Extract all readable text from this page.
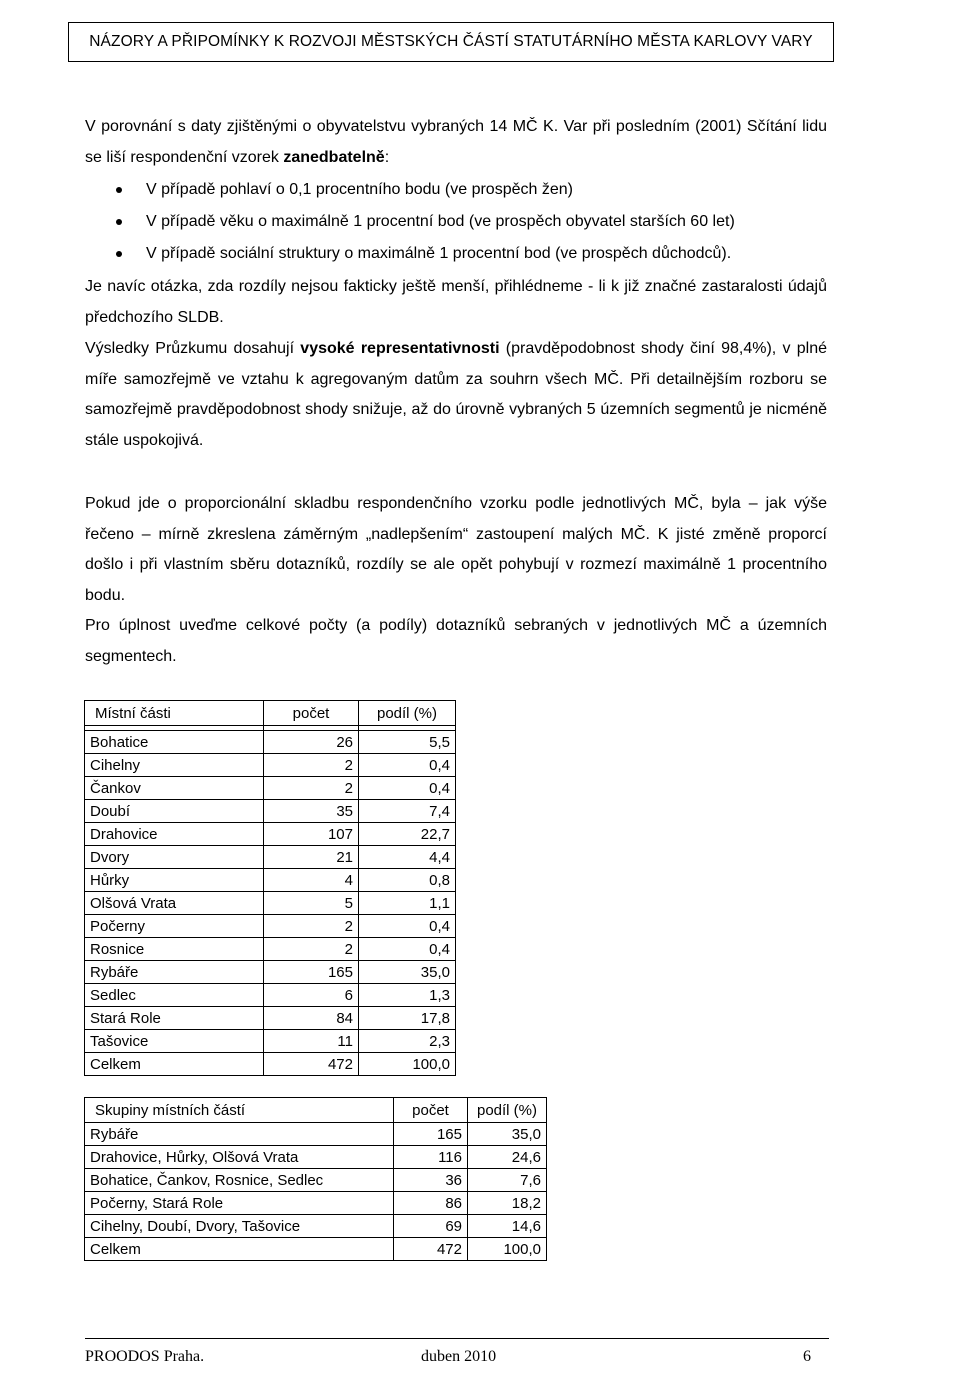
NÁZORY A PŘIPOMÍNKY K ROZVOJI MĚSTSKÝCH ČÁSTÍ STATUTÁRNÍHO MĚSTA KARLOVY VARY

V porovnání s daty zjištěnými o obyvatelstvu vybraných 14 MČ K. Var při posledním (2001) Sčítání lidu se liší respondenční vzorek zanedbatelně:

V případě pohlaví o 0,1 procentního bodu (ve prospěch žen)
V případě věku o maximálně 1 procentní bod (ve prospěch obyvatel starších 60 let)
V případě sociální struktury o maximálně 1 procentní bod (ve prospěch důchodců).

Je navíc otázka, zda rozdíly nejsou fakticky ještě menší, přihlédneme - li k již značné zastaralosti údajů předchozího SLDB.

Výsledky Průzkumu dosahují vysoké representativnosti (pravděpodobnost shody činí 98,4%), v plné míře samozřejmě ve vztahu k agregovaným datům za souhrn všech MČ. Při detailnějším rozboru se samozřejmě pravděpodobnost shody snižuje, až do úrovně vybraných 5 územních segmentů je nicméně stále uspokojivá.

Pokud jde o proporcionální skladbu respondenčního vzorku podle jednotlivých MČ, byla – jak výše řečeno – mírně zkreslena záměrným „nadlepšením“ zastoupení malých MČ. K jisté změně proporcí došlo i při vlastním sběru dotazníků, rozdíly se ale opět pohybují v rozmezí maximálně 1 procentního bodu.

Pro úplnost uveďme celkové počty (a podíly) dotazníků sebraných v jednotlivých MČ a územních segmentech.

Místní části	počet	podíl (%)

Bohatice	26	5,5
Cihelny	2	0,4
Čankov	2	0,4
Doubí	35	7,4
Drahovice	107	22,7
Dvory	21	4,4
Hůrky	4	0,8
Olšová Vrata	5	1,1
Počerny	2	0,4
Rosnice	2	0,4
Rybáře	165	35,0
Sedlec	6	1,3
Stará Role	84	17,8
Tašovice	11	2,3
Celkem	472	100,0
Skupiny místních částí	počet	podíl (%)
Rybáře	165	35,0
Drahovice, Hůrky, Olšová Vrata	116	24,6
Bohatice, Čankov, Rosnice, Sedlec	36	7,6
Počerny, Stará Role	86	18,2
Cihelny, Doubí, Dvory, Tašovice	69	14,6
Celkem	472	100,0
PROODOS Praha.	duben 2010	6
